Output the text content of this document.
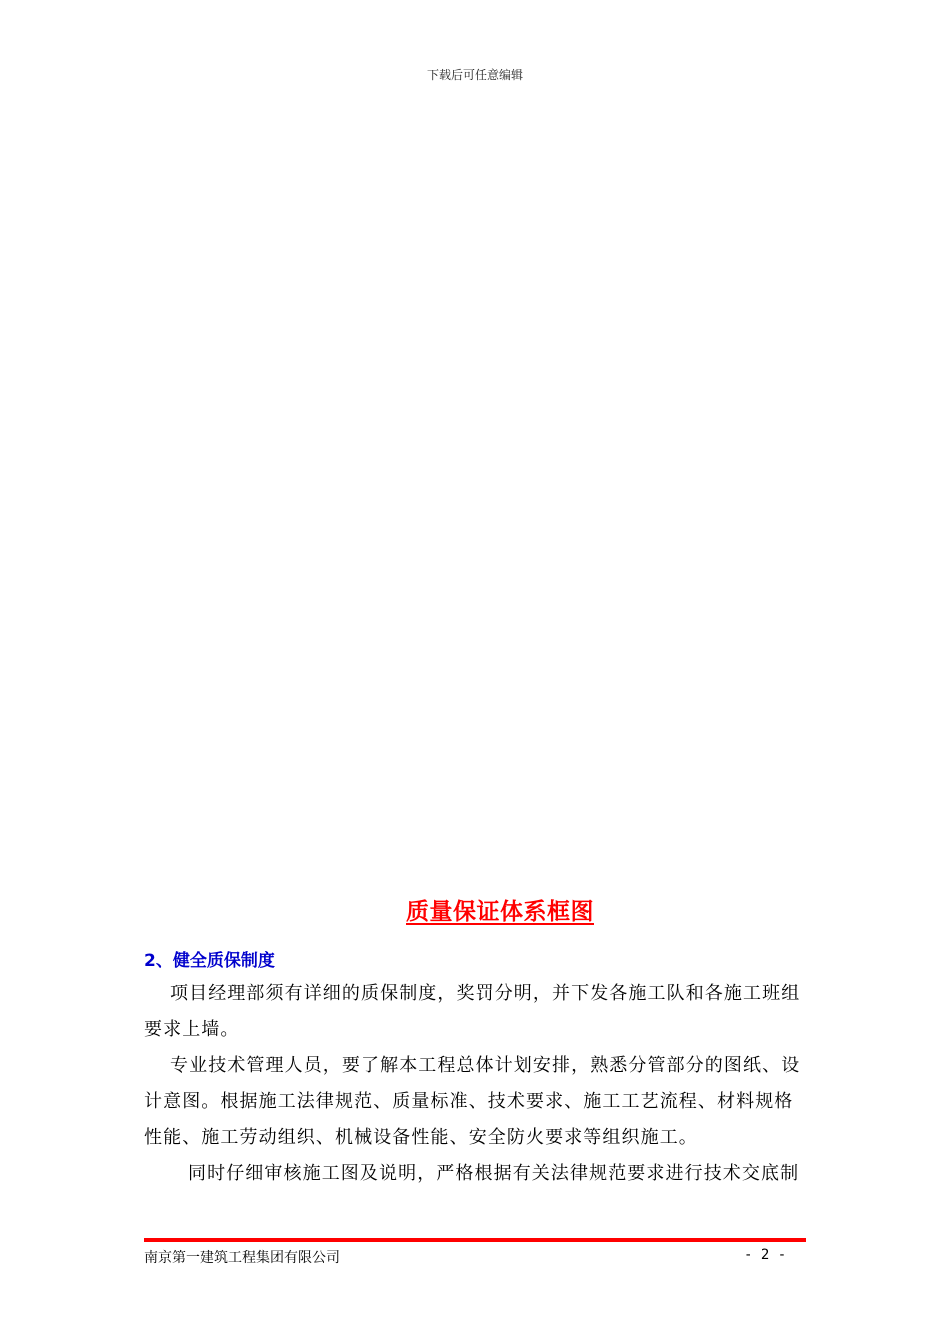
下载后可任意编辑
质量保证体系框图
2、健全质保制度
项目经理部须有详细的质保制度，奖罚分明，并下发各施工队和各施工班组
要求上墙。
专业技术管理人员，要了解本工程总体计划安排，熟悉分管部分的图纸、设
计意图。根据施工法律规范、质量标准、技术要求、施工工艺流程、材料规格
性能、施工劳动组织、机械设备性能、安全防火要求等组织施工。
同时仔细审核施工图及说明，严格根据有关法律规范要求进行技术交底制
南京第一建筑工程集团有限公司	- 2 -
